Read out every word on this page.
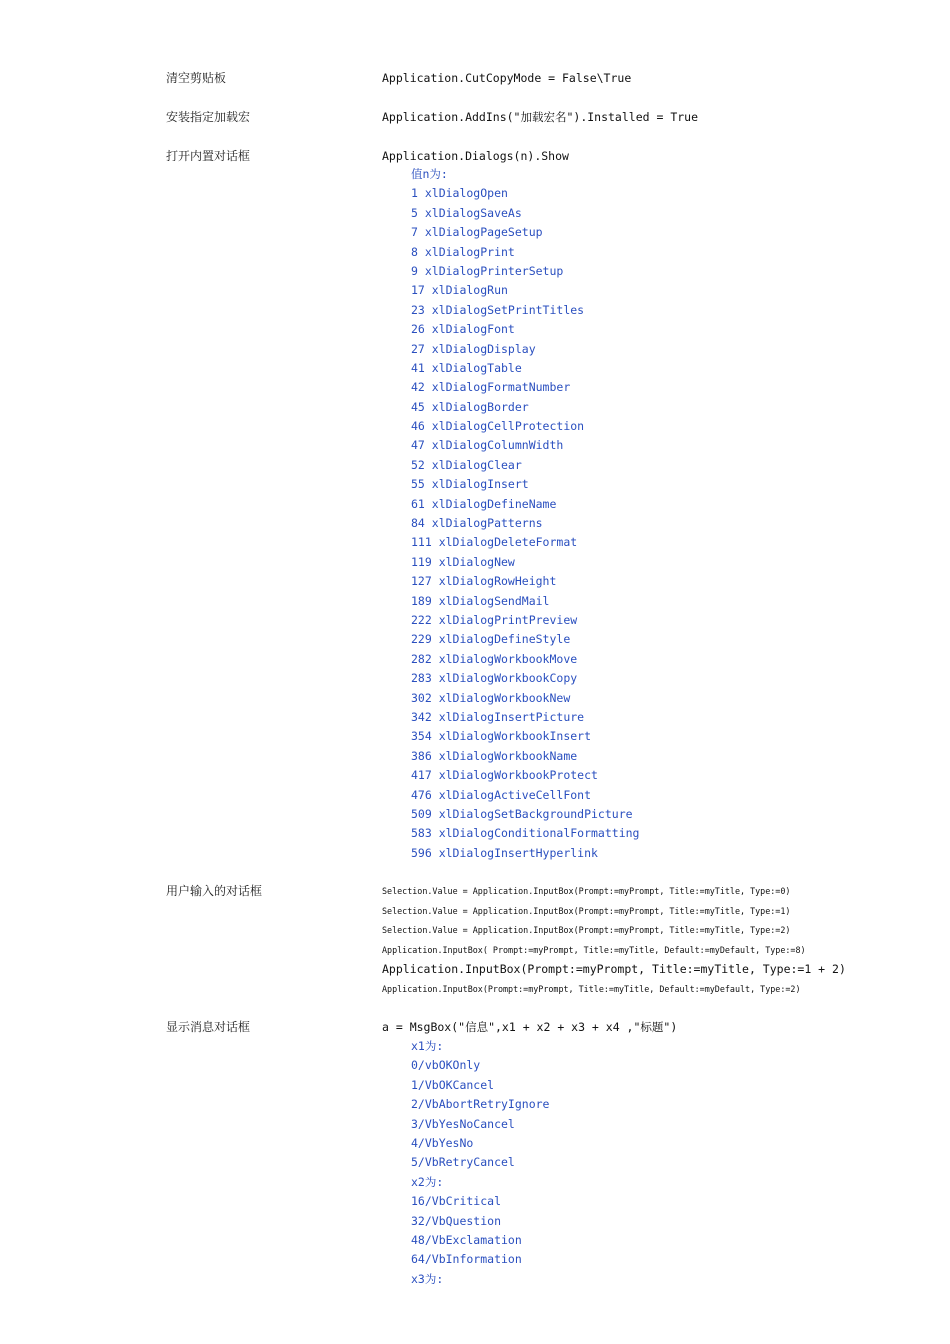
清空剪贴板	Application.CutCopyMode = False\True
安装指定加载宏	Application.AddIns("加载宏名").Installed = True
打开内置对话框	Application.Dialogs(n).Show
值n为:
1 xlDialogOpen
5 xlDialogSaveAs
7 xlDialogPageSetup
8 xlDialogPrint
9 xlDialogPrinterSetup
17 xlDialogRun
23 xlDialogSetPrintTitles
26 xlDialogFont
27 xlDialogDisplay
41 xlDialogTable
42 xlDialogFormatNumber
45 xlDialogBorder
46 xlDialogCellProtection
47 xlDialogColumnWidth
52 xlDialogClear
55 xlDialogInsert
61 xlDialogDefineName
84 xlDialogPatterns
111 xlDialogDeleteFormat
119 xlDialogNew
127 xlDialogRowHeight
189 xlDialogSendMail
222 xlDialogPrintPreview
229 xlDialogDefineStyle
282 xlDialogWorkbookMove
283 xlDialogWorkbookCopy
302 xlDialogWorkbookNew
342 xlDialogInsertPicture
354 xlDialogWorkbookInsert
386 xlDialogWorkbookName
417 xlDialogWorkbookProtect
476 xlDialogActiveCellFont
509 xlDialogSetBackgroundPicture
583 xlDialogConditionalFormatting
596 xlDialogInsertHyperlink
用户输入的对话框	Selection.Value = Application.InputBox(Prompt:=myPrompt, Title:=myTitle, Type:=0)
Selection.Value = Application.InputBox(Prompt:=myPrompt, Title:=myTitle, Type:=1)
Selection.Value = Application.InputBox(Prompt:=myPrompt, Title:=myTitle, Type:=2)
Application.InputBox( Prompt:=myPrompt, Title:=myTitle, Default:=myDefault, Type:=8)
Application.InputBox(Prompt:=myPrompt, Title:=myTitle, Type:=1 + 2)
Application.InputBox(Prompt:=myPrompt, Title:=myTitle, Default:=myDefault, Type:=2)
显示消息对话框	a = MsgBox("信息",x1 + x2 + x3 + x4 ,"标题")
x1为:
0/vbOKOnly
1/VbOKCancel
2/VbAbortRetryIgnore
3/VbYesNoCancel
4/VbYesNo
5/VbRetryCancel
x2为:
16/VbCritical
32/VbQuestion
48/VbExclamation
64/VbInformation
x3为:
